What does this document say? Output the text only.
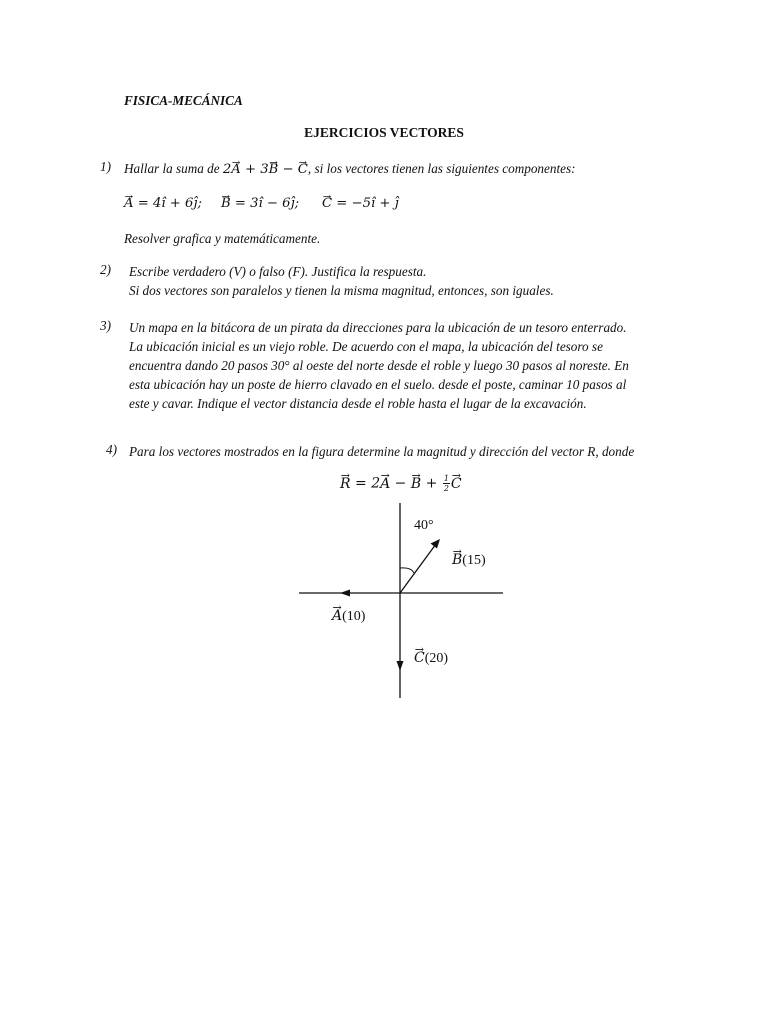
FISICA-MECÁNICA
EJERCICIOS VECTORES
1) Hallar la suma de 2→ A + 3→ B − → C, si los vectores tienen las siguientes componentes:
→ A = 4î + 6ĵ;
→ B = 3î − 6ĵ;
→ C = −5î + ĵ
Resolver grafica y matemáticamente.
2) Escribe verdadero (V) o falso (F). Justifica la respuesta.
Si dos vectores son paralelos y tienen la misma magnitud, entonces, son iguales.
3) Un mapa en la bitácora de un pirata da direcciones para la ubicación de un tesoro enterrado.
La ubicación inicial es un viejo roble. De acuerdo con el mapa, la ubicación del tesoro se
encuentra dando 20 pasos 30° al oeste del norte desde el roble y luego 30 pasos al noreste. En
esta ubicación hay un poste de hierro clavado en el suelo. desde el poste, caminar 10 pasos al
este y cavar. Indique el vector distancia desde el roble hasta el lugar de la excavación.
4) Para los vectores mostrados en la figura determine la magnitud y dirección del vector R, donde
→ R = 2→ A − → $B + \frac{1}{2}$
→ C
40°
→ B(15)
→ A(10)
→ C(20)
